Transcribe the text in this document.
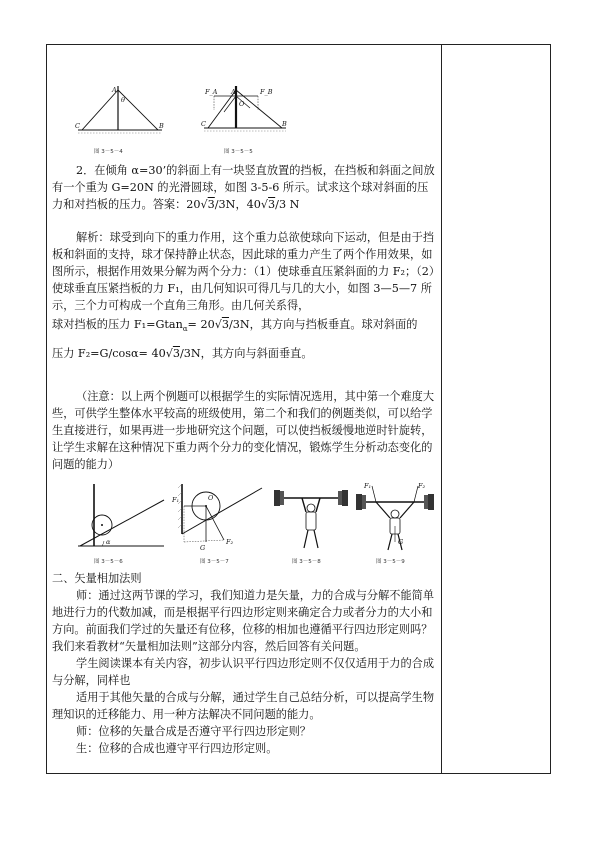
A
θ
C	B
图 3－5－4
F_A	F_B
A
O
C	B
图 3－5－5

2．在倾角 α=30’的斜面上有一块竖直放置的挡板，在挡板和斜面之间放有一个重为 G=20N 的光滑圆球，如图 3-5-6 所示。试求这个球对斜面的压力和对挡板的压力。答案：20√3/3N，40√3/3 N

解析：球受到向下的重力作用，这个重力总欲使球向下运动，但是由于挡板和斜面的支持，球才保持静止状态，因此球的重力产生了两个作用效果，如图所示，根据作用效果分解为两个分力：（1）使球垂直压紧斜面的力 F₂；（2）使球垂直压紧挡板的力 F₁，由几何知识可得几与几的大小，如图 3—5—7 所示，三个力可构成一个直角三角形。由几何关系得，

球对挡板的压力 F₁=Gtan$_\alpha$= 20√3/3N，其方向与挡板垂直。球对斜面的

压力 F₂=G/cosα= 40√3/3N，其方向与斜面垂直。

（注意：以上两个例题可以根据学生的实际情况选用，其中第一个难度大些，可供学生整体水平较高的班级使用，第二个和我们的例题类似，可以给学生直接进行，如果再进一步地研究这个问题，可以使挡板缓慢地逆时针旋转，让学生求解在这种情况下重力两个分力的变化情况，锻炼学生分析动态变化的问题的能力）

α
图 3－5－6
F₁
F₂
O
G
图 3－5－7	图 3－5－8
F₁	F₂
G
图 3－5－9

二、矢量相加法则

师：通过这两节课的学习，我们知道力是矢量，力的合成与分解不能简单地进行力的代数加减，而是根据平行四边形定则来确定合力或者分力的大小和方向。前面我们学过的矢量还有位移，位移的相加也遵循平行四边形定则吗？我们来看教材“矢量相加法则”这部分内容，然后回答有关问题。

学生阅读课本有关内容，初步认识平行四边形定则不仅仅适用于力的合成与分解，同样也

适用于其他矢量的合成与分解，通过学生自己总结分析，可以提高学生物理知识的迁移能力、用一种方法解决不同问题的能力。

师：位移的矢量合成是否遵守平行四边形定则？

生：位移的合成也遵守平行四边形定则。
